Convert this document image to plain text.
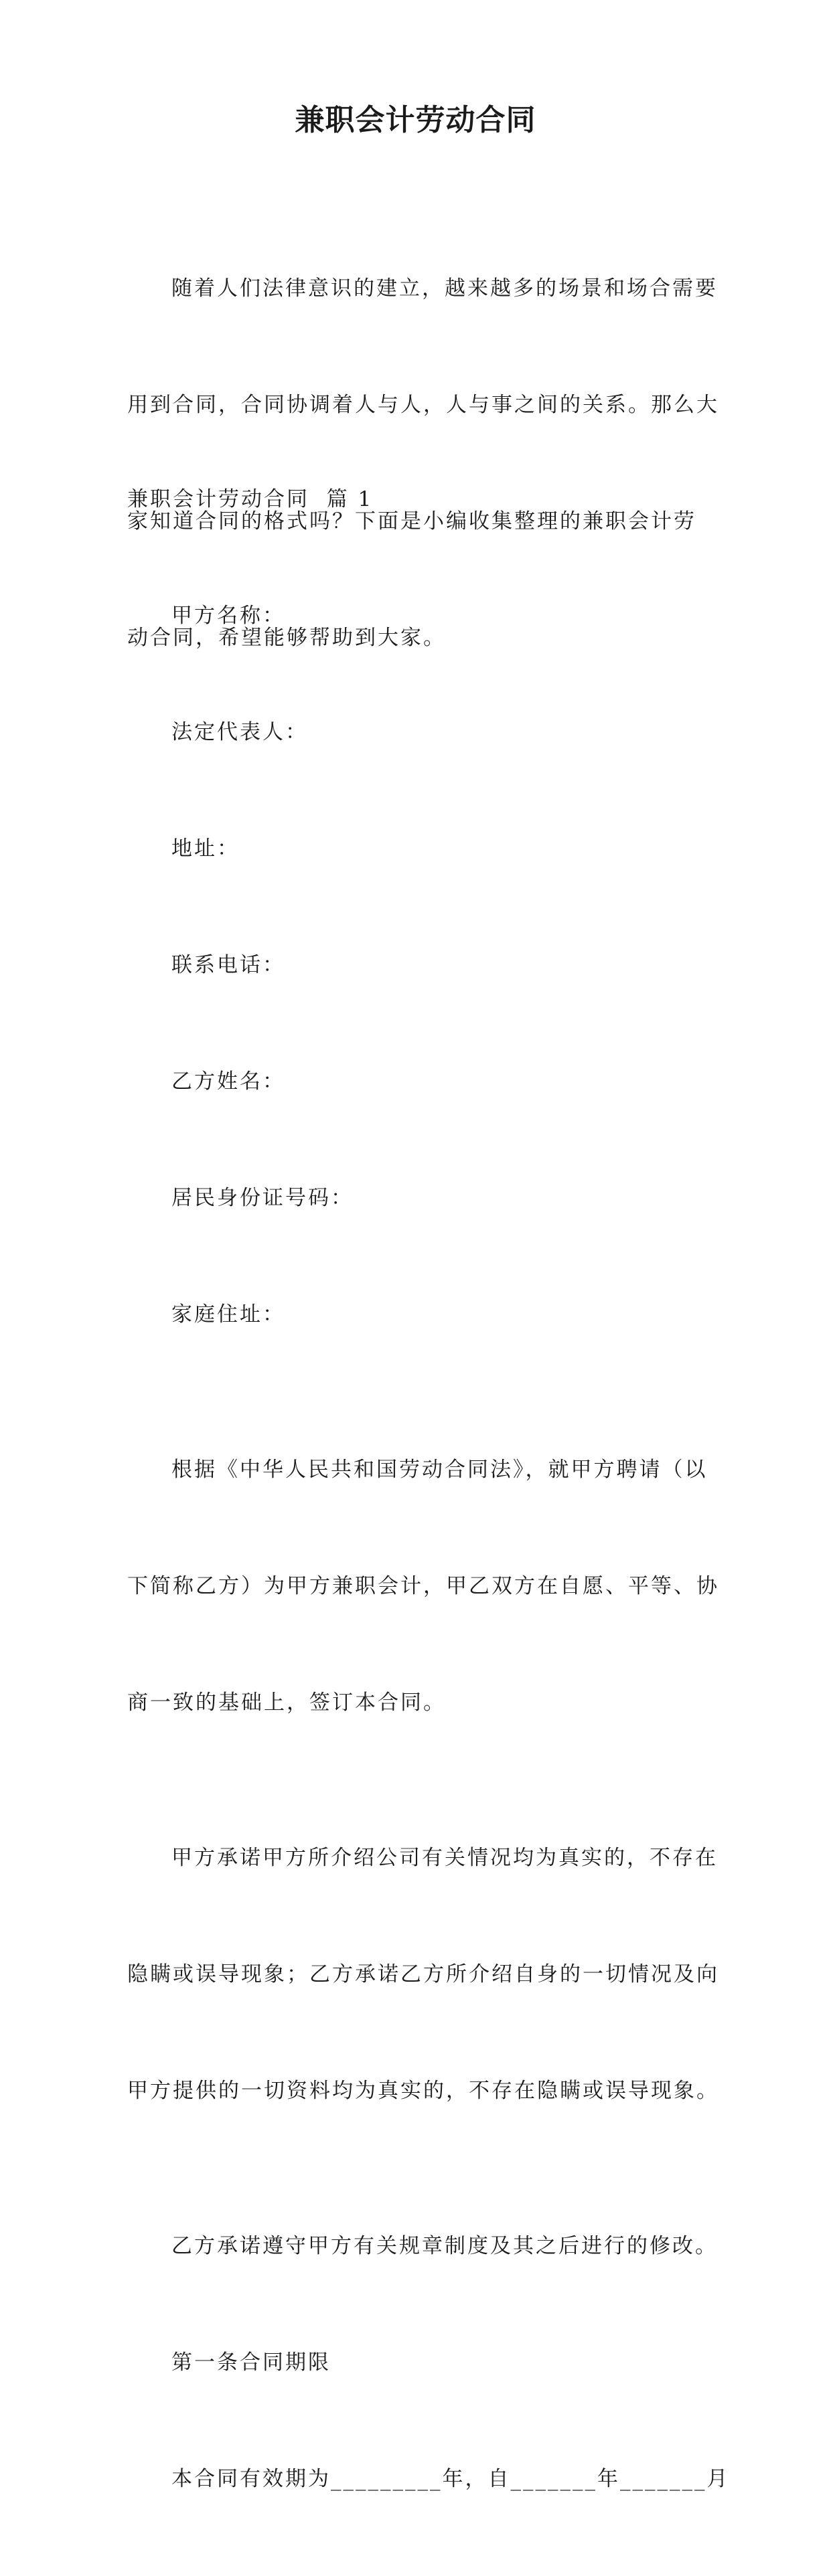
兼职会计劳动合同

随着人们法律意识的建立，越来越多的场景和场合需要

用到合同，合同协调着人与人，人与事之间的关系。那么大

家知道合同的格式吗？下面是小编收集整理的兼职会计劳

动合同，希望能够帮助到大家。

兼职会计劳动合同  篇 1

甲方名称：

法定代表人：

地址：

联系电话：

乙方姓名：

居民身份证号码：

家庭住址：

根据《中华人民共和国劳动合同法》，就甲方聘请（以

下简称乙方）为甲方兼职会计，甲乙双方在自愿、平等、协

商一致的基础上，签订本合同。

甲方承诺甲方所介绍公司有关情况均为真实的，不存在

隐瞒或误导现象；乙方承诺乙方所介绍自身的一切情况及向

甲方提供的一切资料均为真实的，不存在隐瞒或误导现象。

乙方承诺遵守甲方有关规章制度及其之后进行的修改。

第一条合同期限

本合同有效期为_________年，自_______年_______月
